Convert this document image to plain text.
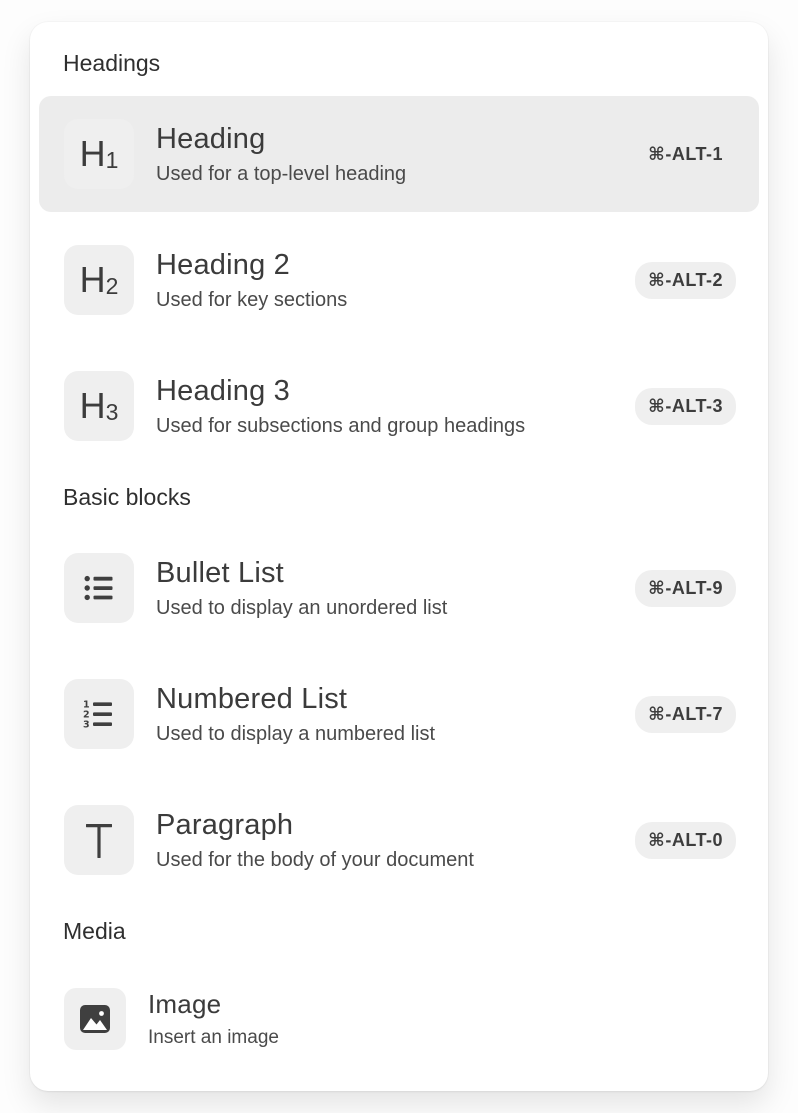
Headings
H 1
Heading
Used for a top-level heading
⌘-ALT-1
H 2
Heading 2
Used for key sections
⌘-ALT-2
H 3
Heading 3
Used for subsections and group headings
⌘-ALT-3
Basic blocks
Bullet List
Used to display an unordered list
⌘-ALT-9
1
2
3
Numbered List
Used to display a numbered list
⌘-ALT-7
Paragraph
Used for the body of your document
⌘-ALT-0
Media
Image
Insert an image
